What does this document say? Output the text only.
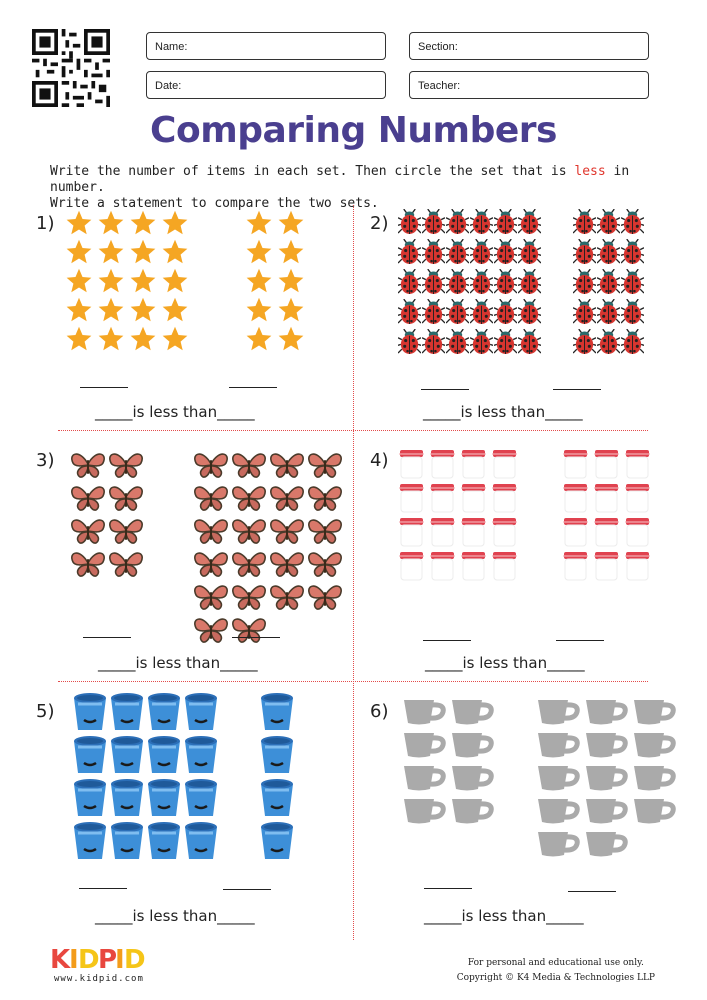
Name:	Section:
Date:	Teacher:
Comparing Numbers
Write the number of items in each set. Then circle the set that is less in number.
Write a statement to compare the two sets.
1)	2)
3)	4)
5)	6)
_____is less than_____	_____is less than_____
_____is less than_____	_____is less than_____
_____is less than_____	_____is less than_____
K
I D
P
I D
www.kidpid.com
For personal and educational use only.
Copyright © K4 Media & Technologies LLP
